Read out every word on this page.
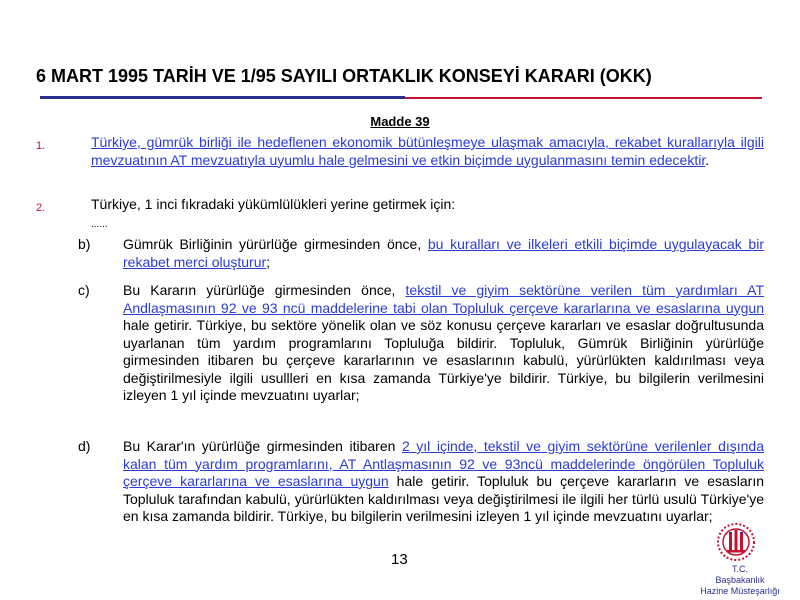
6 MART 1995 TARİH VE 1/95 SAYILI ORTAKLIK KONSEYİ KARARI (OKK)
Madde 39
1.	Türkiye, gümrük birliği ile hedeflenen ekonomik bütünleşmeye ulaşmak amacıyla, rekabet kurallarıyla ilgili mevzuatının AT mevzuatıyla uyumlu hale gelmesini ve etkin biçimde uygulanmasını temin edecektir.
2.	Türkiye, 1 inci fıkradaki yükümlülükleri yerine getirmek için:
......
b) Gümrük Birliğinin yürürlüğe girmesinden önce, bu kuralları ve ilkeleri etkili biçimde uygulayacak bir rekabet merci oluşturur;
c) Bu Kararın yürürlüğe girmesinden önce, tekstil ve giyim sektörüne verilen tüm yardımları AT Andlaşmasının 92 ve 93 ncü maddelerine tabi olan Topluluk çerçeve kararlarına ve esaslarına uygun hale getirir. Türkiye, bu sektöre yönelik olan ve söz konusu çerçeve kararları ve esaslar doğrultusunda uyarlanan tüm yardım programlarını Topluluğa bildirir. Topluluk, Gümrük Birliğinin yürürlüğe girmesinden itibaren bu çerçeve kararlarının ve esaslarının kabulü, yürürlükten kaldırılması veya değiştirilmesiyle ilgili usullleri en kısa zamanda Türkiye'ye bildirir. Türkiye, bu bilgilerin verilmesini izleyen 1 yıl içinde mevzuatını uyarlar;
d) Bu Karar'ın yürürlüğe girmesinden itibaren 2 yıl içinde, tekstil ve giyim sektörüne verilenler dışında kalan tüm yardım programlarını, AT Antlaşmasının 92 ve 93ncü maddelerinde öngörülen Topluluk çerçeve kararlarına ve esaslarına uygun hale getirir. Topluluk bu çerçeve kararların ve esasların Topluluk tarafından kabulü, yürürlükten kaldırılması veya değiştirilmesi ile ilgili her türlü usulü Türkiye'ye en kısa zamanda bildirir. Türkiye, bu bilgilerin verilmesini izleyen 1 yıl içinde mevzuatını uyarlar;
13
T.C.
Başbakanlık
Hazine Müsteşarlığı
